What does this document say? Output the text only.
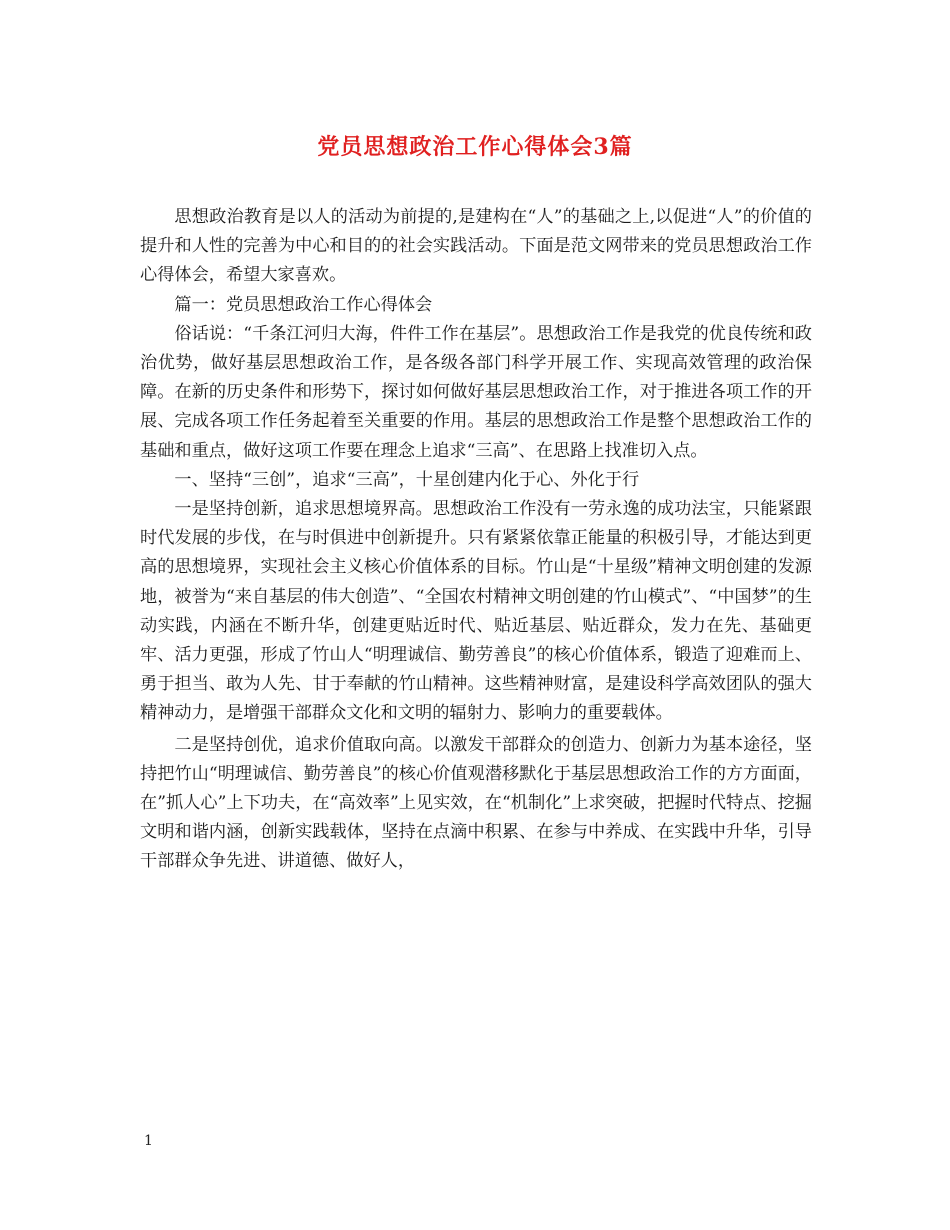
党员思想政治工作心得体会3篇

思想政治教育是以人的活动为前提的,是建构在“人”的基础之上,以促进“人”的价值的提升和人性的完善为中心和目的的社会实践活动。下面是范文网带来的党员思想政治工作心得体会，希望大家喜欢。

篇一：党员思想政治工作心得体会

俗话说：“千条江河归大海，件件工作在基层”。思想政治工作是我党的优良传统和政治优势，做好基层思想政治工作，是各级各部门科学开展工作、实现高效管理的政治保障。在新的历史条件和形势下，探讨如何做好基层思想政治工作，对于推进各项工作的开展、完成各项工作任务起着至关重要的作用。基层的思想政治工作是整个思想政治工作的基础和重点，做好这项工作要在理念上追求“三高”、在思路上找准切入点。

一、坚持“三创”，追求“三高”，十星创建内化于心、外化于行

一是坚持创新，追求思想境界高。思想政治工作没有一劳永逸的成功法宝，只能紧跟时代发展的步伐，在与时俱进中创新提升。只有紧紧依靠正能量的积极引导，才能达到更高的思想境界，实现社会主义核心价值体系的目标。竹山是“十星级”精神文明创建的发源地，被誉为“来自基层的伟大创造”、“全国农村精神文明创建的竹山模式”、“中国梦”的生动实践，内涵在不断升华，创建更贴近时代、贴近基层、贴近群众，发力在先、基础更牢、活力更强，形成了竹山人“明理诚信、勤劳善良”的核心价值体系，锻造了迎难而上、勇于担当、敢为人先、甘于奉献的竹山精神。这些精神财富，是建设科学高效团队的强大精神动力，是增强干部群众文化和文明的辐射力、影响力的重要载体。

二是坚持创优，追求价值取向高。以激发干部群众的创造力、创新力为基本途径，坚持把竹山“明理诚信、勤劳善良”的核心价值观潜移默化于基层思想政治工作的方方面面，在”抓人心”上下功夫，在“高效率”上见实效，在“机制化”上求突破，把握时代特点、挖掘文明和谐内涵，创新实践载体，坚持在点滴中积累、在参与中养成、在实践中升华，引导干部群众争先进、讲道德、做好人，

1
